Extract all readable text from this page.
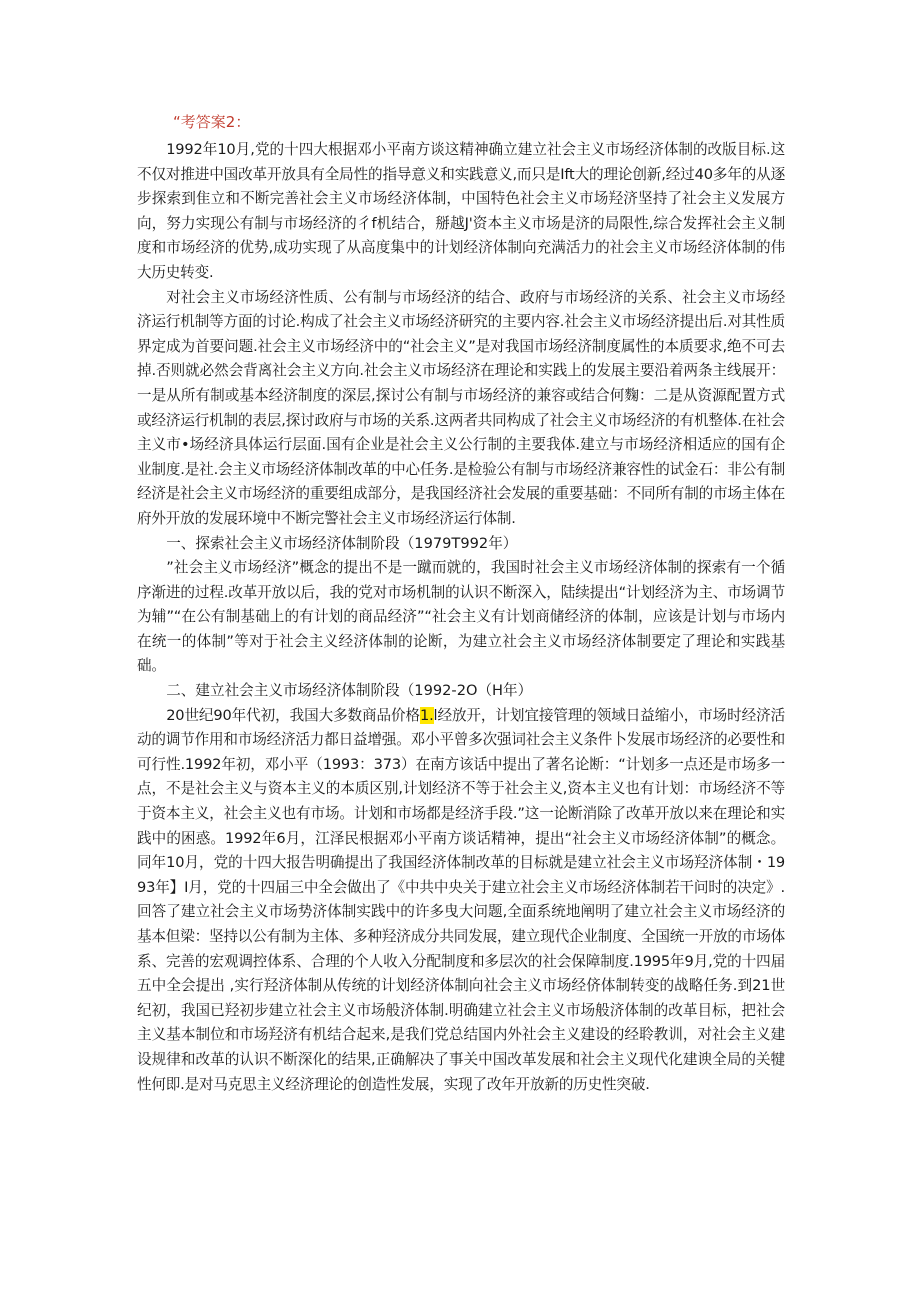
“考答案2：

1992年10月,党的十四大根据邓小平南方谈这精神确立建立社会主义市场经济体制的改版目标.这不仅对推进中国改革开放具有全局性的指导意义和实践意义,而只是Ift大的理论创新,经过40多年的从逐步探索到隹立和不断完善社会主义市场经济体制，中国特色社会主义市场羟济坚持了社会主义发展方向，努力实现公有制与市场经济的彳f机结合，掰越J'资本主义市场是济的局限性,综合发挥社会主义制度和市场经济的优势,成功实现了从高度集中的计划经济体制向充满活力的社会主义市场经济体制的伟大历史转变.

对社会主义市场经济性质、公有制与市场经济的结合、政府与市场经济的关系、社会主义市场经济运行机制等方面的讨论.构成了社会主义市场经济研究的主要内容.社会主义市场经济提出后.对其性质界定成为首要问题.社会主义市场经济中的“社会主义”是对我国市场经济制度属性的本质要求,绝不可去掉.否则就必然会背离社会主义方向.社会主义市场经济在理论和实践上的发展主要沿着两条主线展开：一是从所有制或基本经济制度的深层,探讨公有制与市场经济的兼容或结合何麴：二是从资源配置方式或经济运行机制的表层,探讨政府与市场的关系.这两者共同构成了社会主义市场经济的有机整体.在社会主义市•场经济具体运行层面.国有企业是社会主义公行制的主要我体.建立与市场经济相适应的国有企业制度.是社.会主义市场经济体制改革的中心任务.是检验公有制与市场经济兼容性的试金石：非公有制经济是社会主义市场经济的重要组成部分，是我国经济社会发展的重要基础：不同所有制的市场主体在府外开放的发展环境中不断完警社会主义市场经济运行体制.

一、探索社会主义市场经济体制阶段（1979T992年）

”社会主义市场经济”概念的提出不是一蹴而就的，我国时社会主义市场经济体制的探索有一个循序渐进的过程.改革开放以后，我的党对市场机制的认识不断深入，陆续提出“计划经济为主、市场调节为辅”“在公有制基础上的有计划的商品经济”“社会主义有计划商储经济的体制，应该是计划与市场内在统一的体制”等对于社会主义经济体制的论断，为建立社会主义市场经济体制要定了理论和实践基础。

二、建立社会主义市场经济体制阶段（1992-2O（H年）

20世纪90年代初，我国大多数商品价格1.l经放开，计划宜接管理的领域日益缩小，市场时经济活动的调节作用和市场经济活力都日益增强。邓小平曾多次强词社会主义条件卜发展市场经济的必要性和可行性.1992年初，邓小平（1993：373）在南方该话中提出了著名论断：“计划多一点还是市场多一点，不是社会主义与资本主义的本质区别,计划经济不等于社会主义,资本主义也有计划：市场经济不等于资本主义，社会主义也有市场。计划和市场都是经济手段.”这一论断消除了改革开放以来在理论和实践中的困惑。1992年6月，江泽民根据邓小平南方谈话精神，提出“社会主义市场经济体制”的概念。同年10月，党的十四大报告明确提出了我国经济体制改革的目标就是建立社会主义市场羟济体制・1993年】I月，党的十四届三中全会做出了《中共中央关于建立社会主义市场经济体制若干问时的决定》.回答了建立社会主义市场势济体制实践中的许多曳大问题,全面系统地阐明了建立社会主义市场经济的基本但梁：坚持以公有制为主体、多种羟济成分共同发展，建立现代企业制度、全国统一开放的市场体系、完善的宏观调控体系、合理的个人收入分配制度和多层次的社会保障制度.1995年9月,党的十四届五中全会提出 ,实行羟济体制从传统的计划经济体制向社会主义市场经侪体制转变的战略任务.到21世纪初，我国已羟初步建立社会主义市场般济体制.明确建立社会主义市场般济体制的改革目标，把社会主义基本制位和市场羟济有机结合起来,是我们党总结国内外社会主义建设的经聆教训，对社会主义建设规律和改革的认识不断深化的结果,正确解决了事关中国改革发展和社会主义现代化建谀全局的关犍性何即.是对马克思主义经济理论的创造性发展，实现了改年开放新的历史性突破.
